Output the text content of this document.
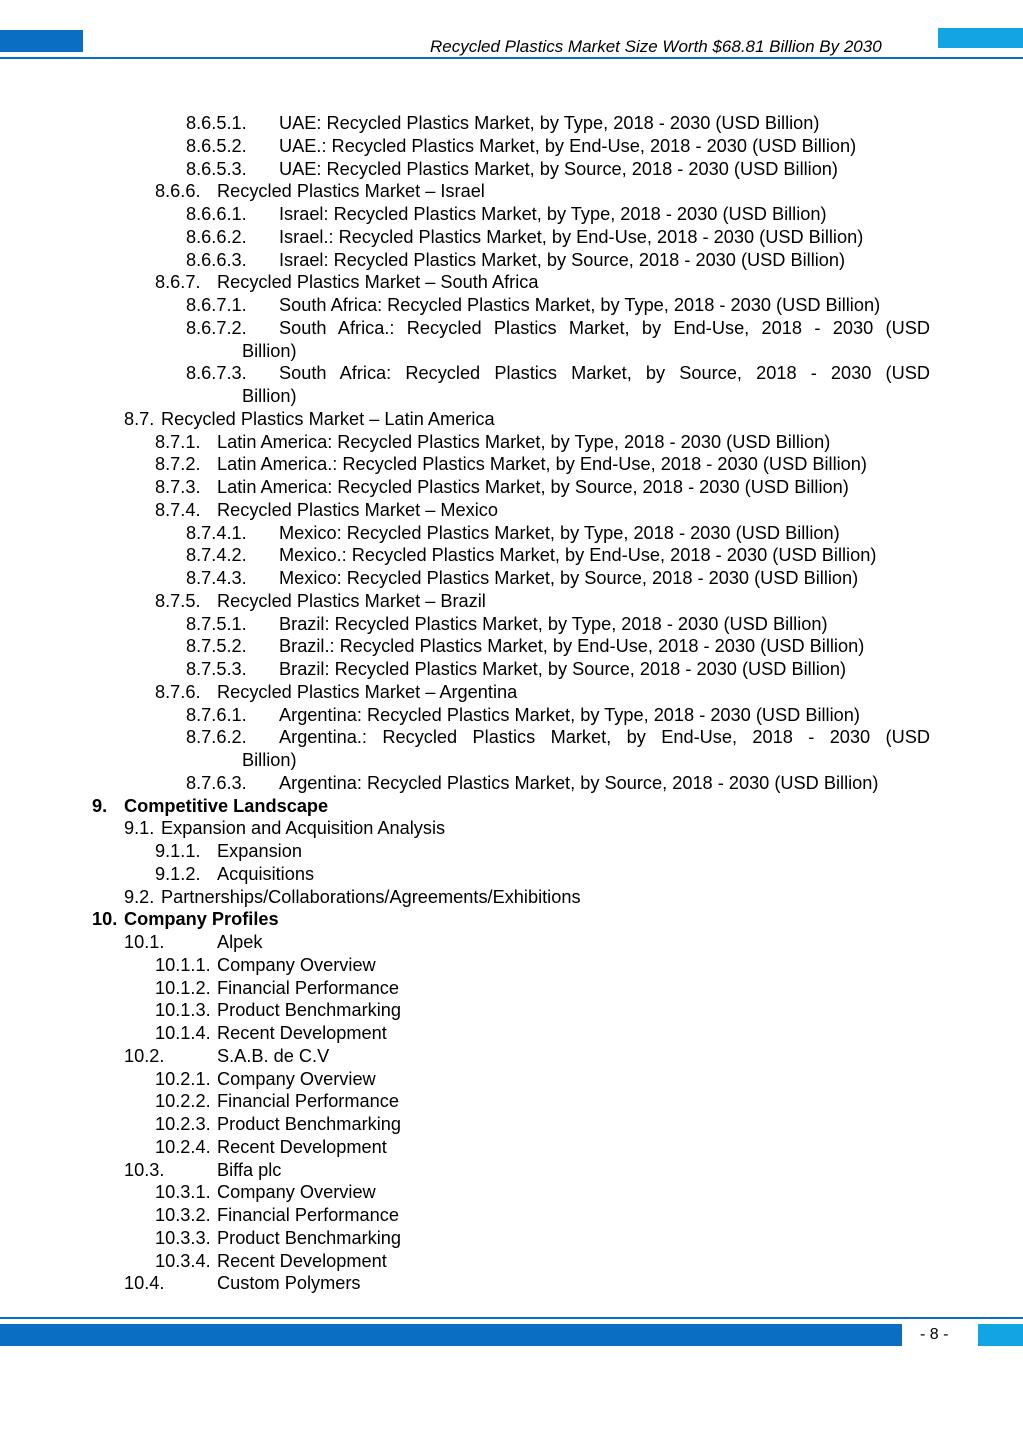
Recycled Plastics Market Size Worth $68.81 Billion By 2030
8.6.5.1. UAE: Recycled Plastics Market, by Type, 2018 - 2030 (USD Billion)
8.6.5.2. UAE.: Recycled Plastics Market, by End-Use, 2018 - 2030 (USD Billion)
8.6.5.3. UAE: Recycled Plastics Market, by Source, 2018 - 2030 (USD Billion)
8.6.6. Recycled Plastics Market – Israel
8.6.6.1. Israel: Recycled Plastics Market, by Type, 2018 - 2030 (USD Billion)
8.6.6.2. Israel.: Recycled Plastics Market, by End-Use, 2018 - 2030 (USD Billion)
8.6.6.3. Israel: Recycled Plastics Market, by Source, 2018 - 2030 (USD Billion)
8.6.7. Recycled Plastics Market – South Africa
8.6.7.1. South Africa: Recycled Plastics Market, by Type, 2018 - 2030 (USD Billion)
8.6.7.2. South Africa.: Recycled Plastics Market, by End-Use, 2018 - 2030 (USD
Billion)
8.6.7.3. South Africa: Recycled Plastics Market, by Source, 2018 - 2030 (USD
Billion)
8.7. Recycled Plastics Market – Latin America
8.7.1. Latin America: Recycled Plastics Market, by Type, 2018 - 2030 (USD Billion)
8.7.2. Latin America.: Recycled Plastics Market, by End-Use, 2018 - 2030 (USD Billion)
8.7.3. Latin America: Recycled Plastics Market, by Source, 2018 - 2030 (USD Billion)
8.7.4. Recycled Plastics Market – Mexico
8.7.4.1. Mexico: Recycled Plastics Market, by Type, 2018 - 2030 (USD Billion)
8.7.4.2. Mexico.: Recycled Plastics Market, by End-Use, 2018 - 2030 (USD Billion)
8.7.4.3. Mexico: Recycled Plastics Market, by Source, 2018 - 2030 (USD Billion)
8.7.5. Recycled Plastics Market – Brazil
8.7.5.1. Brazil: Recycled Plastics Market, by Type, 2018 - 2030 (USD Billion)
8.7.5.2. Brazil.: Recycled Plastics Market, by End-Use, 2018 - 2030 (USD Billion)
8.7.5.3. Brazil: Recycled Plastics Market, by Source, 2018 - 2030 (USD Billion)
8.7.6. Recycled Plastics Market – Argentina
8.7.6.1. Argentina: Recycled Plastics Market, by Type, 2018 - 2030 (USD Billion)
8.7.6.2. Argentina.: Recycled Plastics Market, by End-Use, 2018 - 2030 (USD
Billion)
8.7.6.3. Argentina: Recycled Plastics Market, by Source, 2018 - 2030 (USD Billion)
9. Competitive Landscape
9.1. Expansion and Acquisition Analysis
9.1.1. Expansion
9.1.2. Acquisitions
9.2. Partnerships/Collaborations/Agreements/Exhibitions
10. Company Profiles
10.1.	Alpek
10.1.1. Company Overview
10.1.2. Financial Performance
10.1.3. Product Benchmarking
10.1.4. Recent Development
10.2.	S.A.B. de C.V
10.2.1. Company Overview
10.2.2. Financial Performance
10.2.3. Product Benchmarking
10.2.4. Recent Development
10.3.	Biffa plc
10.3.1. Company Overview
10.3.2. Financial Performance
10.3.3. Product Benchmarking
10.3.4. Recent Development
10.4.	Custom Polymers
- 8 -
